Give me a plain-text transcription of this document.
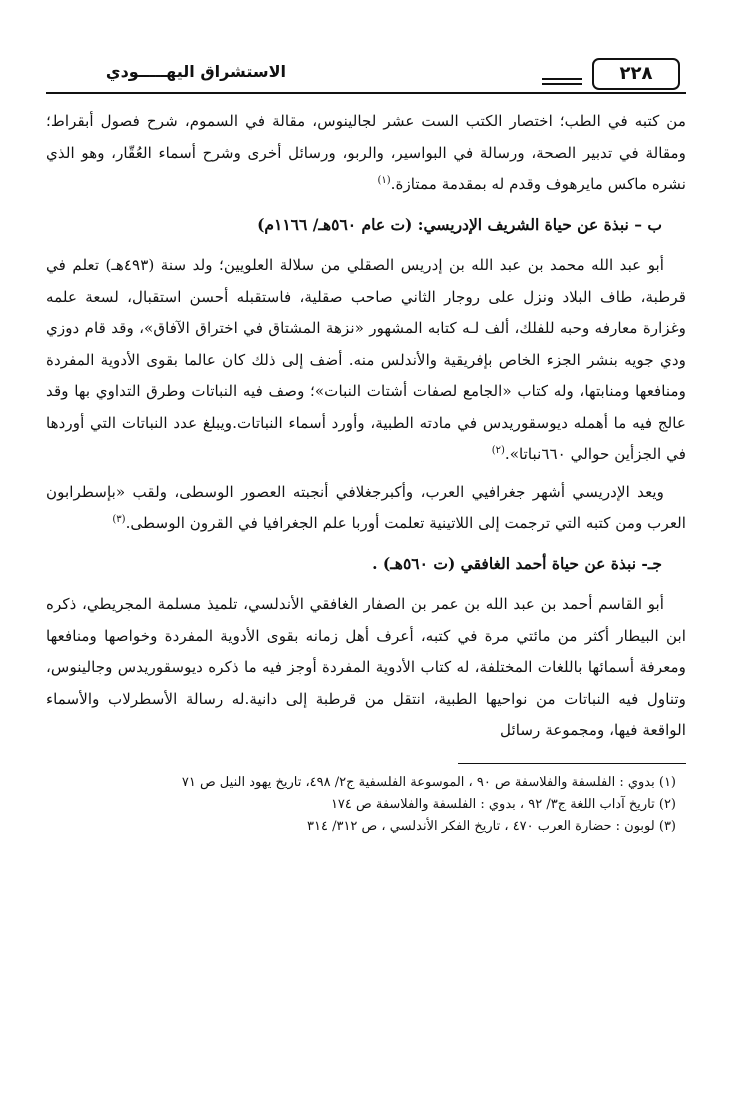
الاستشراق اليهـــــودي	٢٢٨

من كتبه في الطب؛ اختصار الكتب الست عشر لجالينوس، مقالة في السموم، شرح فصول أبقراط؛ ومقالة في تدبير الصحة، ورسالة في البواسير، والربو، ورسائل أخرى وشرح أسماء العُقّار، وهو الذي نشره ماكس مايرهوف وقدم له بمقدمة ممتازة.$^{(١)}$

ب – نبذة عن حياة الشريف الإدريسي: (ت عام ٥٦٠هـ/ ١١٦٦م)

أبو عبد الله محمد بن عبد الله بن إدريس الصقلي من سلالة العلويين؛ ولد سنة (٤٩٣هـ) تعلم في قرطبة، طاف البلاد ونزل على روجار الثاني صاحب صقلية، فاستقبله أحسن استقبال، لسعة علمه وغزارة معارفه وحبه للفلك، ألف لـه كتابه المشهور «نزهة المشتاق في اختراق الآفاق»، وقد قام دوزي ودي جويه بنشر الجزء الخاص بإفريقية والأندلس منه. أضف إلى ذلك كان عالما بقوى الأدوية المفردة ومنافعها ومنابتها، وله كتاب «الجامع لصفات أشتات النبات»؛ وصف فيه النباتات وطرق التداوي بها وقد عالج فيه ما أهمله ديوسقوريدس في مادته الطبية، وأورد أسماء النباتات.ويبلغ عدد النباتات التي أوردها في الجزأين حوالي ٦٦٠نباتا».$^{(٢)}$

ويعد الإدريسي أشهر جغرافيي العرب، وأكبرجغلافي أنجبته العصور الوسطى، ولقب «بإسطرابون العرب ومن كتبه التي ترجمت إلى اللاتينية تعلمت أوربا علم الجغرافيا في القرون الوسطى.$^{(٣)}$

جـ- نبذة عن حياة أحمد الغافقي (ت ٥٦٠هـ) .

أبو القاسم أحمد بن عبد الله بن عمر بن الصفار الغافقي الأندلسي، تلميذ مسلمة المجريطي، ذكره ابن البيطار أكثر من مائتي مرة في كتبه، أعرف أهل زمانه بقوى الأدوية المفردة وخواصها ومنافعها ومعرفة أسمائها باللغات المختلفة، له كتاب الأدوية المفردة أوجز فيه ما ذكره ديوسقوريدس وجالينوس، وتناول فيه النباتات من نواحيها الطبية، انتقل من قرطبة إلى دانية.له رسالة الأسطرلاب والأسماء الواقعة فيها، ومجموعة رسائل

(١) بدوي : الفلسفة والفلاسفة ص ٩٠ ، الموسوعة الفلسفية ج٢/ ٤٩٨، تاريخ يهود النيل ص ٧١
(٢) تاريخ آداب اللغة ج٣/ ٩٢ ، بدوي : الفلسفة والفلاسفة ص ١٧٤
(٣) لوبون : حضارة العرب ٤٧٠ ، تاريخ الفكر الأندلسي ، ص ٣١٢/ ٣١٤
